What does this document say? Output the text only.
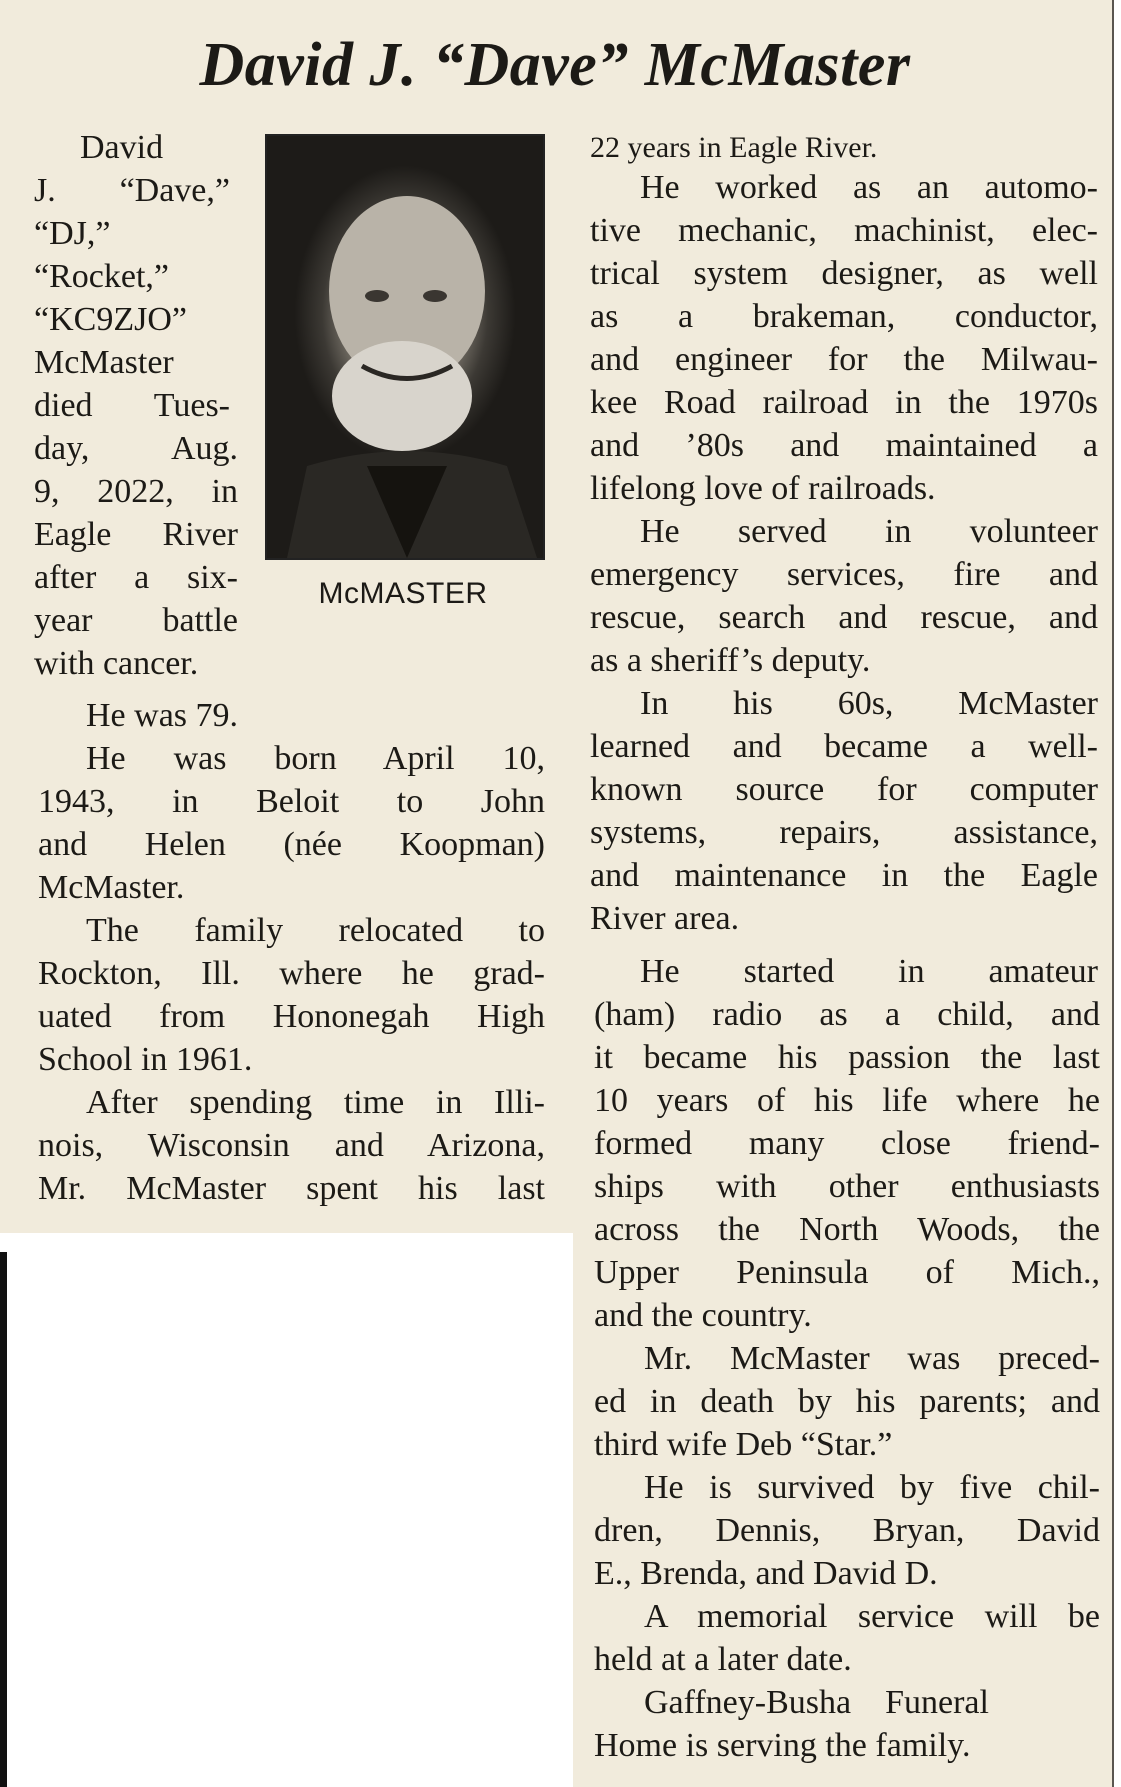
David J. “Dave” McMaster
McMASTER

David

J. “Dave,”

“DJ,”

“Rocket,”

“KC9ZJO”

McMaster

died Tues-

day, Aug.

9, 2022, in

Eagle River

after a six-

year battle

with cancer.

He was 79.

He was born April 10,

1943, in Beloit to John

and Helen (née Koopman)

McMaster.

The family relocated to

Rockton, Ill. where he grad-

uated from Hononegah High

School in 1961.

After spending time in Illi-

nois, Wisconsin and Arizona,

Mr. McMaster spent his last

22 years in Eagle River.

He worked as an automo-

tive mechanic, machinist, elec-

trical system designer, as well

as a brakeman, conductor,

and engineer for the Milwau-

kee Road railroad in the 1970s

and ’80s and maintained a

lifelong love of railroads.

He served in volunteer

emergency services, fire and

rescue, search and rescue, and

as a sheriff’s deputy.

In his 60s, McMaster

learned and became a well-

known source for computer

systems, repairs, assistance,

and maintenance in the Eagle

River area.

He started in amateur

(ham) radio as a child, and

it became his passion the last

10 years of his life where he

formed many close friend-

ships with other enthusiasts

across the North Woods, the

Upper Peninsula of Mich.,

and the country.

Mr. McMaster was preced-

ed in death by his parents; and

third wife Deb “Star.”

He is survived by five chil-

dren, Dennis, Bryan, David

E., Brenda, and David D.

A memorial service will be

held at a later date.

Gaffney-Busha    Funeral

Home is serving the family.
